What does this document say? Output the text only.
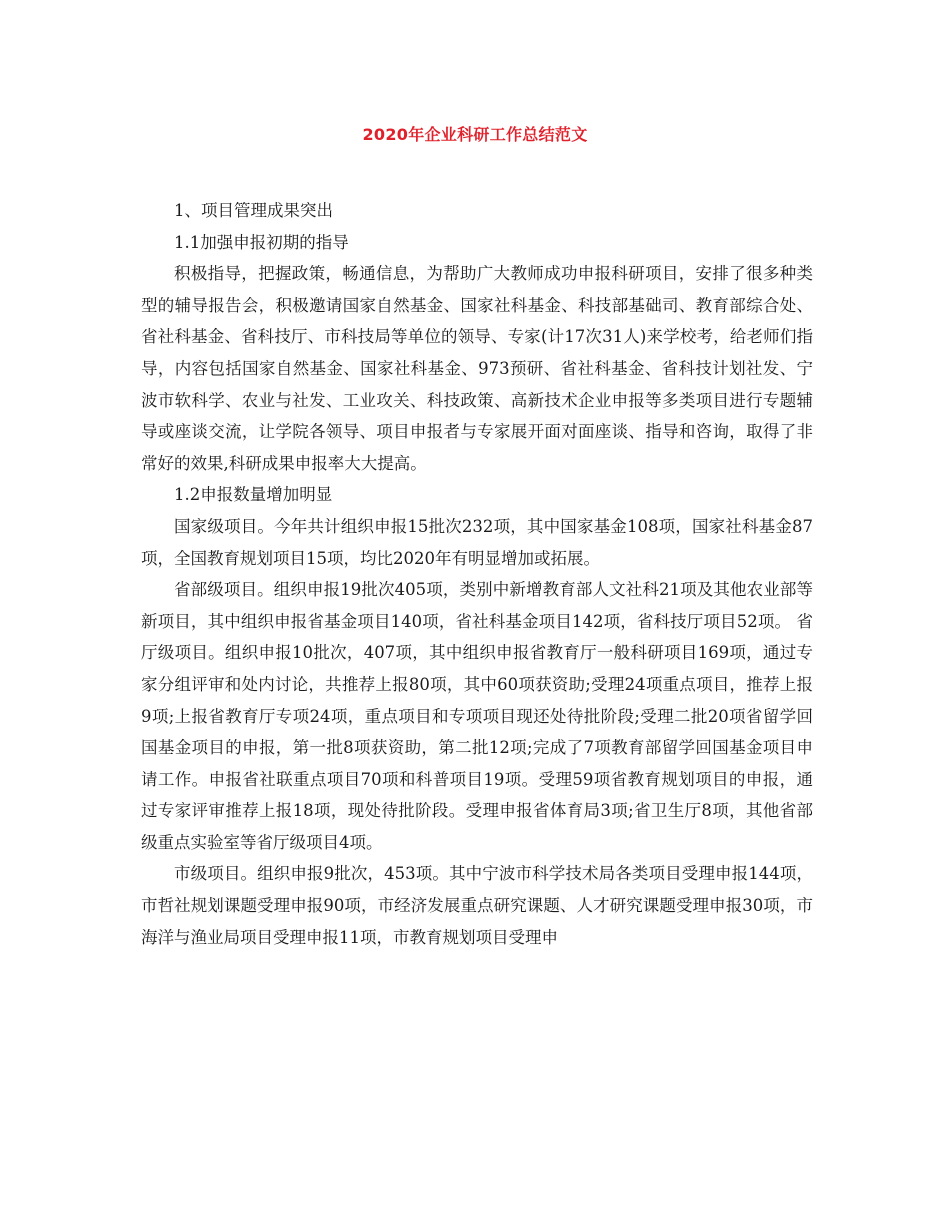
2020年企业科研工作总结范文

1、项目管理成果突出

1.1加强申报初期的指导

积极指导，把握政策，畅通信息，为帮助广大教师成功申报科研项目，安排了很多种类型的辅导报告会，积极邀请国家自然基金、国家社科基金、科技部基础司、教育部综合处、省社科基金、省科技厅、市科技局等单位的领导、专家(计17次31人)来学校考，给老师们指导，内容包括国家自然基金、国家社科基金、973预研、省社科基金、省科技计划社发、宁波市软科学、农业与社发、工业攻关、科技政策、高新技术企业申报等多类项目进行专题辅导或座谈交流，让学院各领导、项目申报者与专家展开面对面座谈、指导和咨询，取得了非常好的效果,科研成果申报率大大提高。

1.2申报数量增加明显

国家级项目。今年共计组织申报15批次232项，其中国家基金108项，国家社科基金87项，全国教育规划项目15项，均比2020年有明显增加或拓展。

省部级项目。组织申报19批次405项，类别中新增教育部人文社科21项及其他农业部等新项目，其中组织申报省基金项目140项，省社科基金项目142项，省科技厅项目52项。 省厅级项目。组织申报10批次，407项，其中组织申报省教育厅一般科研项目169项，通过专家分组评审和处内讨论，共推荐上报80项，其中60项获资助;受理24项重点项目，推荐上报9项;上报省教育厅专项24项，重点项目和专项项目现还处待批阶段;受理二批20项省留学回国基金项目的申报，第一批8项获资助，第二批12项;完成了7项教育部留学回国基金项目申请工作。申报省社联重点项目70项和科普项目19项。受理59项省教育规划项目的申报，通过专家评审推荐上报18项，现处待批阶段。受理申报省体育局3项;省卫生厅8项，其他省部级重点实验室等省厅级项目4项。

市级项目。组织申报9批次，453项。其中宁波市科学技术局各类项目受理申报144项，市哲社规划课题受理申报90项，市经济发展重点研究课题、人才研究课题受理申报30项，市海洋与渔业局项目受理申报11项，市教育规划项目受理申
